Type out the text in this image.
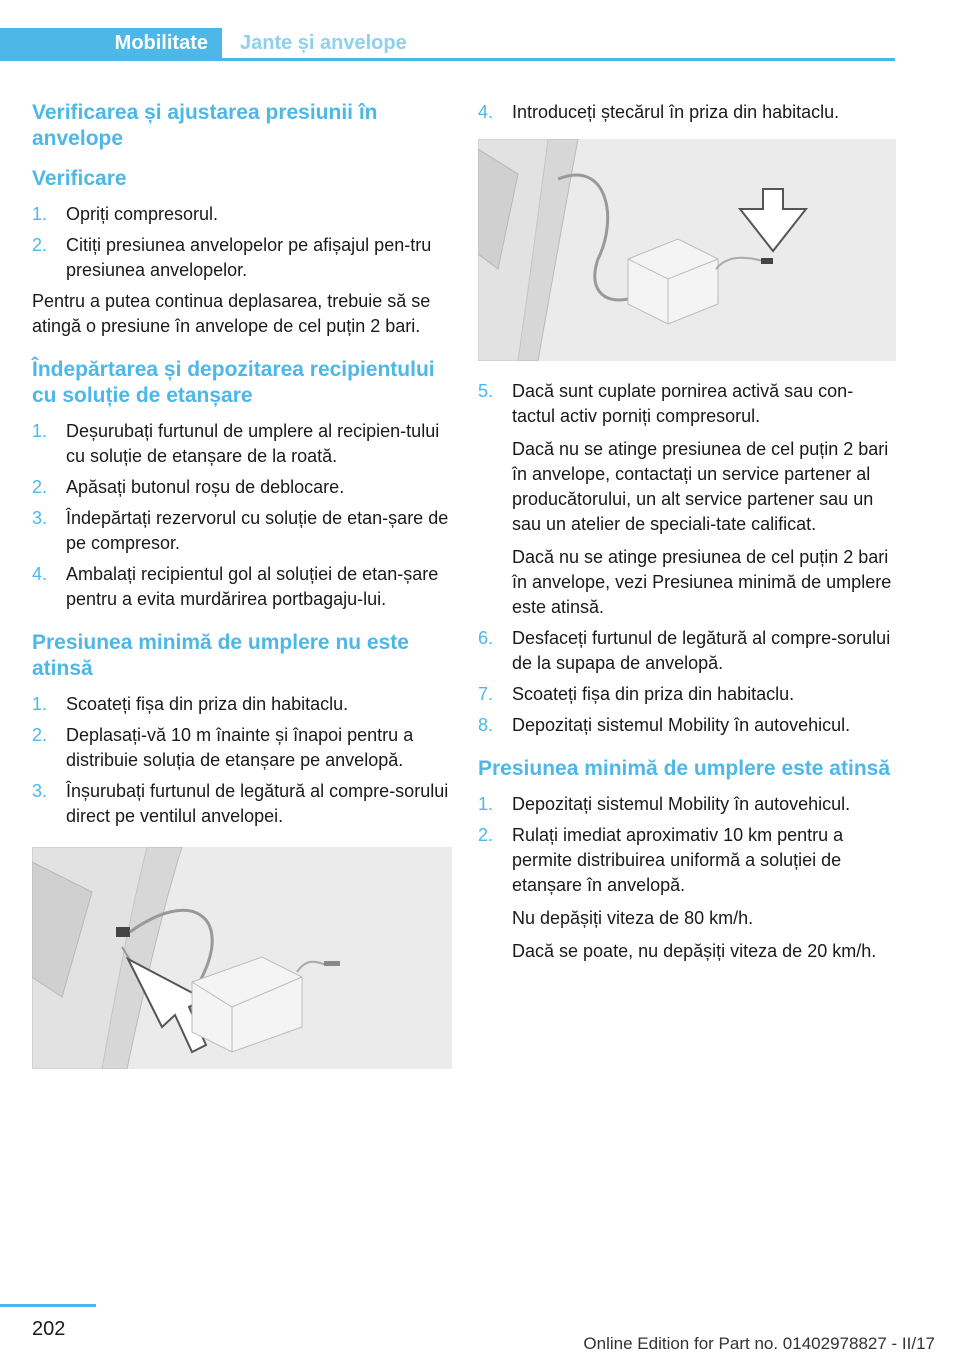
Mobilitate	Jante și anvelope
Verificarea și ajustarea presiunii în anvelope
Verificare
1. Opriți compresorul.
2. Citiți presiunea anvelopelor pe afișajul pen-tru presiunea anvelopelor.

Pentru a putea continua deplasarea, trebuie să se atingă o presiune în anvelope de cel puțin 2 bari.

Îndepărtarea și depozitarea recipientului cu soluție de etanșare
1. Deșurubați furtunul de umplere al recipien-tului cu soluție de etanșare de la roată.
2. Apăsați butonul roșu de deblocare.
3. Îndepărtați rezervorul cu soluție de etan-șare de pe compresor.
4. Ambalați recipientul gol al soluției de etan-șare pentru a evita murdărirea portbagaju-lui.
Presiunea minimă de umplere nu este atinsă
1. Scoateți fișa din priza din habitaclu.
2. Deplasați-vă 10 m înainte și înapoi pentru a distribuie soluția de etanșare pe anvelopă.
3. Înșurubați furtunul de legătură al compre-sorului direct pe ventilul anvelopei.
4. Introduceți ștecărul în priza din habitaclu.
5. Dacă sunt cuplate pornirea activă sau con-tactul activ porniți compresorul.

Dacă nu se atinge presiunea de cel puțin 2 bari în anvelope, contactați un service partener al producătorului, un alt service partener sau un sau un atelier de speciali-tate calificat.

Dacă nu se atinge presiunea de cel puțin 2 bari în anvelope, vezi Presiunea minimă de umplere este atinsă.

6. Desfaceți furtunul de legătură al compre-sorului de la supapa de anvelopă.
7. Scoateți fișa din priza din habitaclu.
8. Depozitați sistemul Mobility în autovehicul.
Presiunea minimă de umplere este atinsă
1. Depozitați sistemul Mobility în autovehicul.
2. Rulați imediat aproximativ 10 km pentru a permite distribuirea uniformă a soluției de etanșare în anvelopă.

Nu depășiți viteza de 80 km/h.

Dacă se poate, nu depășiți viteza de 20 km/h.

202
Online Edition for Part no. 01402978827 - II/17
